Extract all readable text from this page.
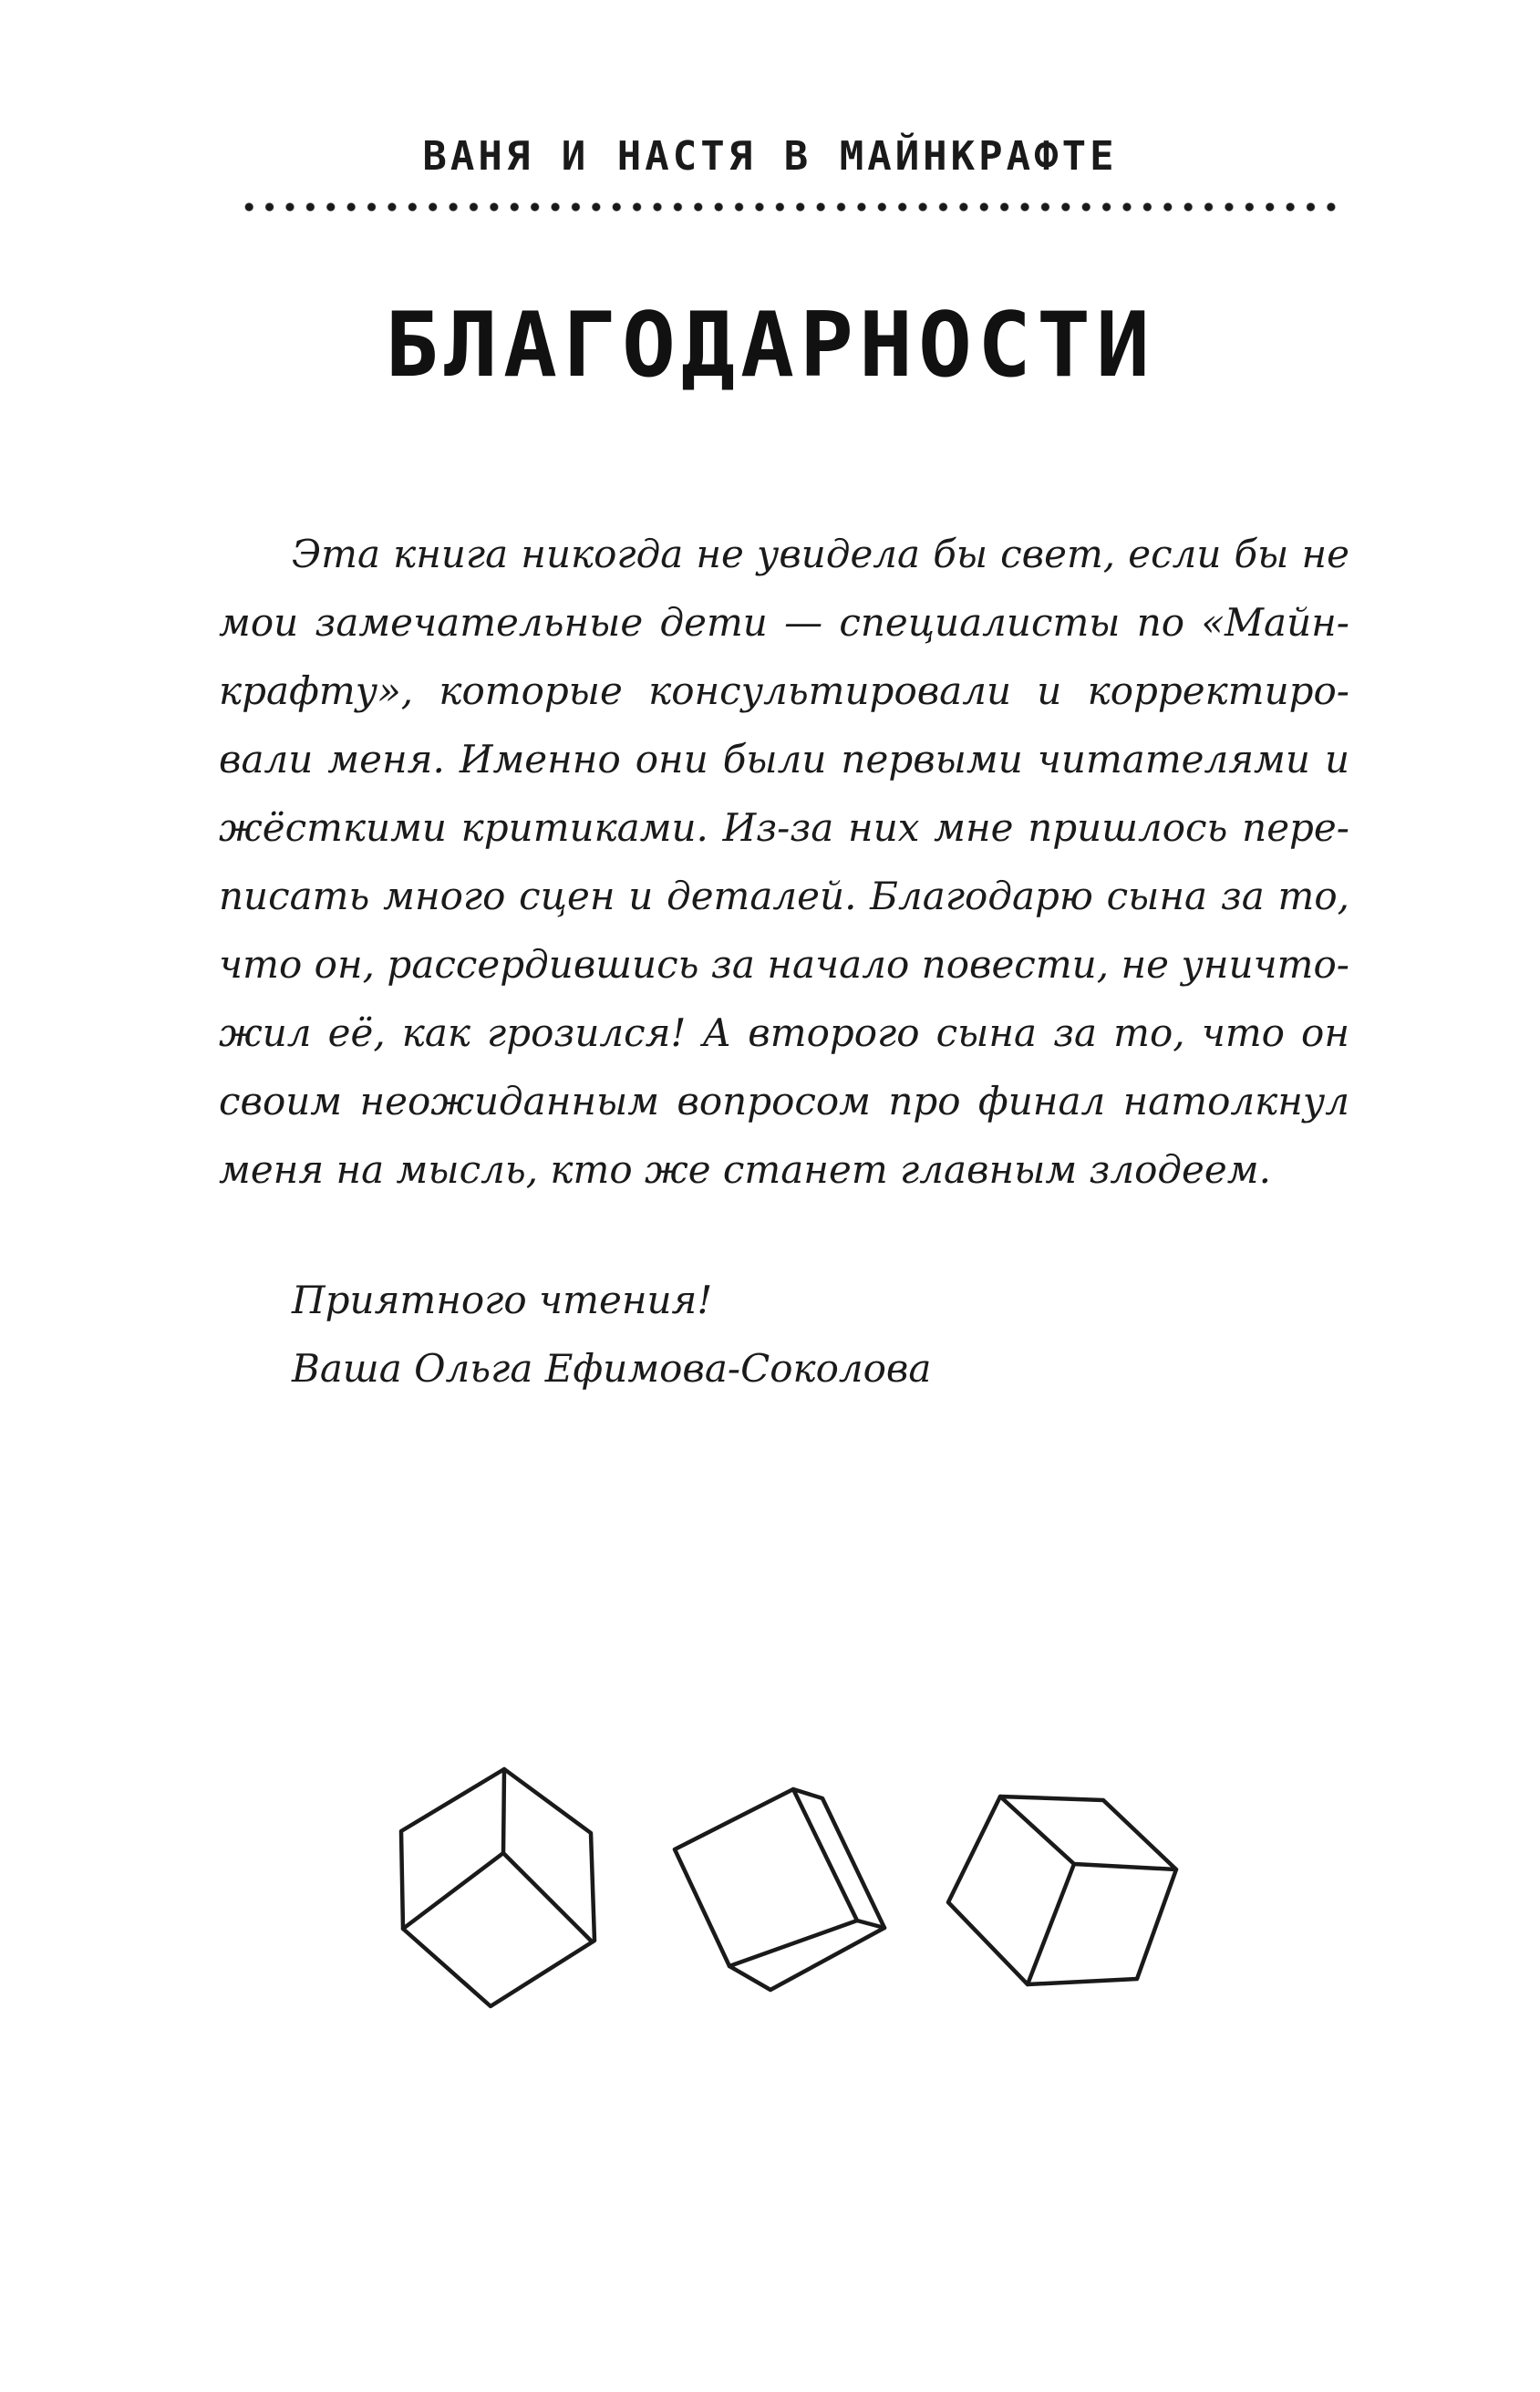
ВАНЯ И НАСТЯ В МАЙНКРАФТЕ
БЛАГОДАРНОСТИ

Эта книга никогда не увидела бы свет, если бы не мои замечательные дети — специалисты по «Майнкрафту», которые консультировали и корректировали меня. Именно они были первыми читателями и жёсткими критиками. Из-за них мне пришлось переписать много сцен и деталей. Благодарю сына за то, что он, рассердившись за начало повести, не уничтожил её, как грозился! А второго сына за то, что он своим неожиданным вопросом про финал натолкнул меня на мысль, кто же станет главным злодеем.

Приятного чтения!
Ваша Ольга Ефимова-Соколова
